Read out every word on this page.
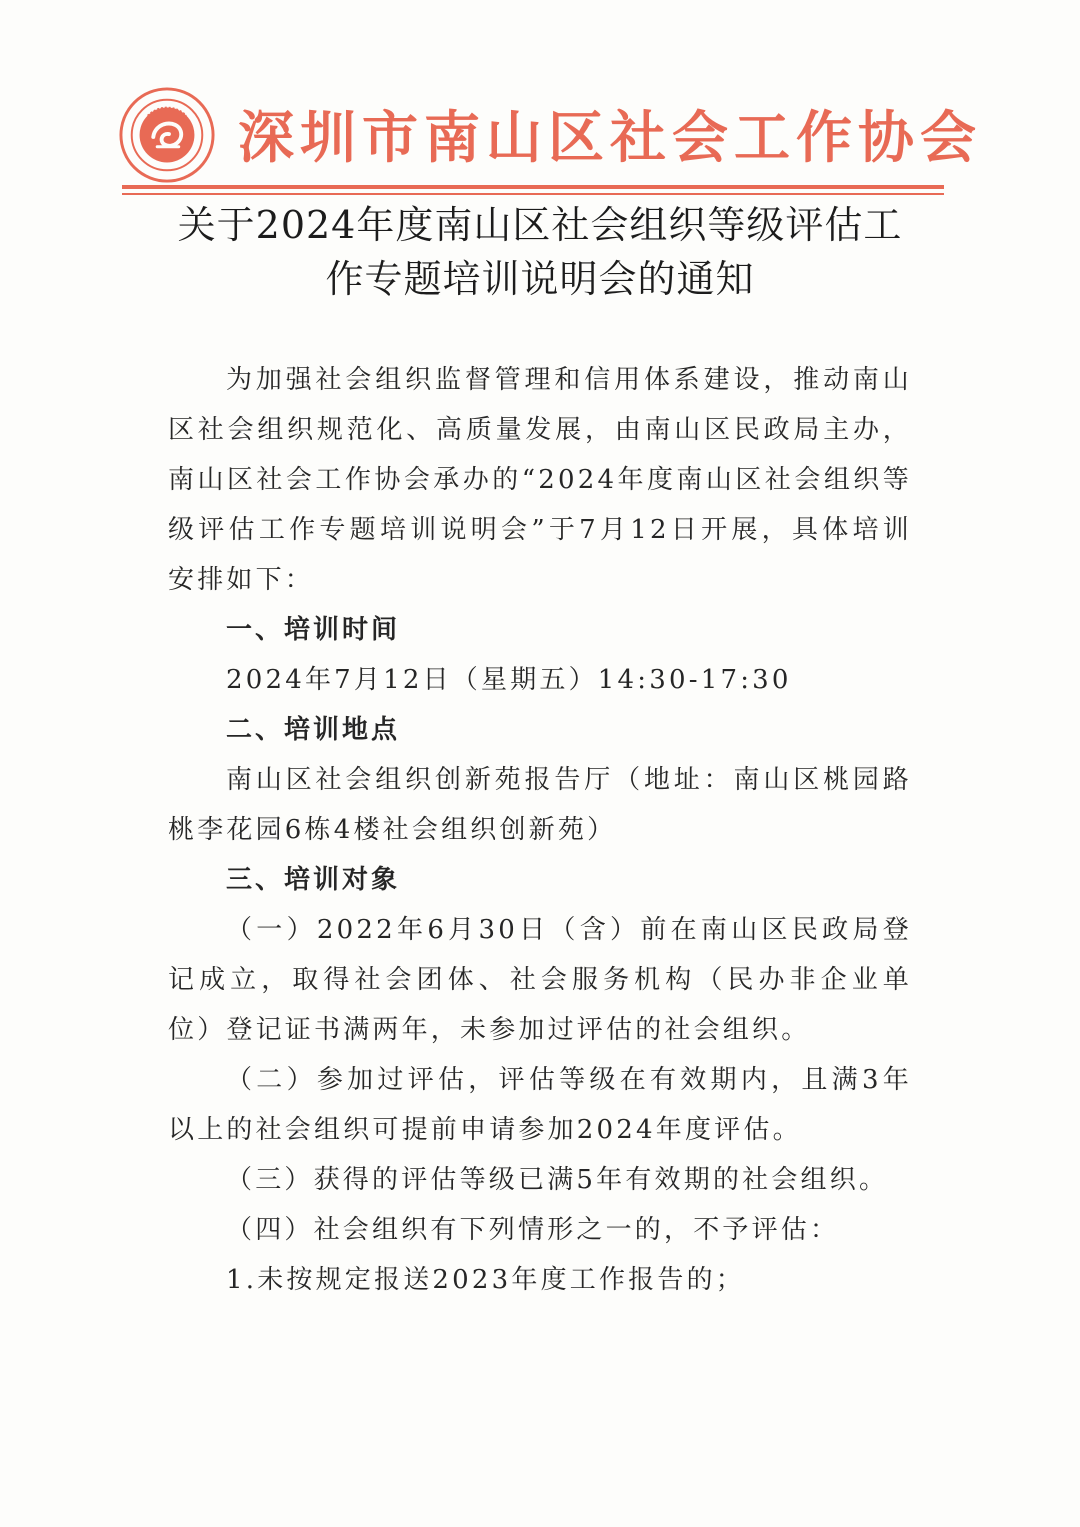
深圳市南山区社会工作协会
关于2024年度南山区社会组织等级评估工
作专题培训说明会的通知

为加强社会组织监督管理和信用体系建设，推动南山区社会组织规范化、高质量发展，由南山区民政局主办，南山区社会工作协会承办的“2024年度南山区社会组织等级评估工作专题培训说明会”于7月12日开展，具体培训安排如下：

一、培训时间

2024年7月12日（星期五）14:30-17:30

二、培训地点

南山区社会组织创新苑报告厅（地址：南山区桃园路桃李花园6栋4楼社会组织创新苑）

三、培训对象

（一）2022年6月30日（含）前在南山区民政局登记成立，取得社会团体、社会服务机构（民办非企业单位）登记证书满两年，未参加过评估的社会组织。

（二）参加过评估，评估等级在有效期内，且满3年以上的社会组织可提前申请参加2024年度评估。

（三）获得的评估等级已满5年有效期的社会组织。

（四）社会组织有下列情形之一的，不予评估：

1.未按规定报送2023年度工作报告的；
